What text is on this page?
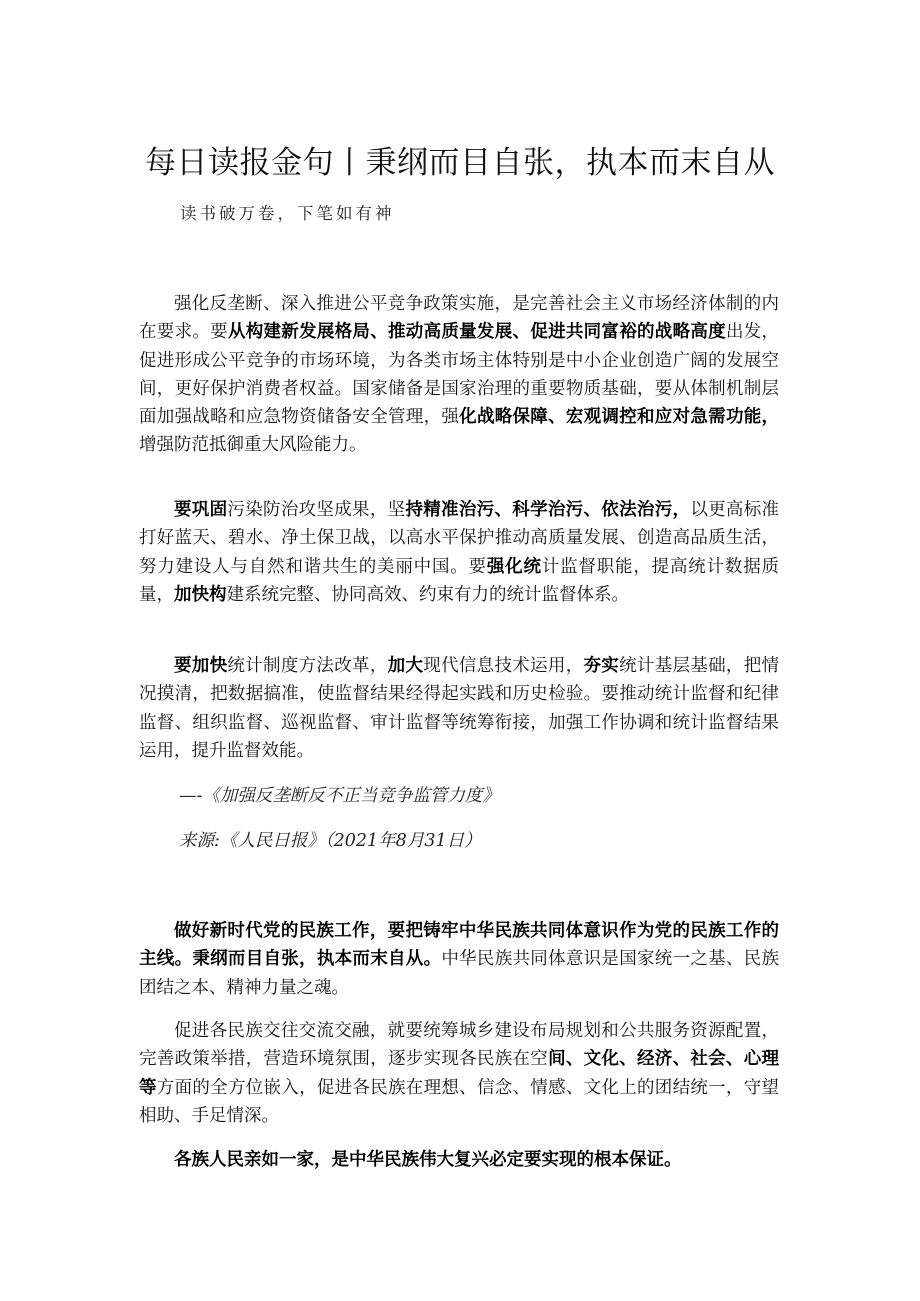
每日读报金句丨秉纲而目自张，执本而末自从
读书破万卷，下笔如有神

强化反垄断、深入推进公平竞争政策实施，是完善社会主义市场经济体制的内在要求。要从构建新发展格局、推动高质量发展、促进共同富裕的战略高度出发，促进形成公平竞争的市场环境，为各类市场主体特别是中小企业创造广阔的发展空间，更好保护消费者权益。国家储备是国家治理的重要物质基础，要从体制机制层面加强战略和应急物资储备安全管理，强化战略保障、宏观调控和应对急需功能，增强防范抵御重大风险能力。

要巩固污染防治攻坚成果，坚持精准治污、科学治污、依法治污，以更高标准打好蓝天、碧水、净土保卫战，以高水平保护推动高质量发展、创造高品质生活，努力建设人与自然和谐共生的美丽中国。要强化统计监督职能，提高统计数据质量，加快构建系统完整、协同高效、约束有力的统计监督体系。

要加快统计制度方法改革，加大现代信息技术运用，夯实统计基层基础，把情况摸清，把数据搞准，使监督结果经得起实践和历史检验。要推动统计监督和纪律监督、组织监督、巡视监督、审计监督等统筹衔接，加强工作协调和统计监督结果运用，提升监督效能。

—-《加强反垄断反不正当竞争监管力度》

来源:《人民日报》（2021年8月31日）

做好新时代党的民族工作，要把铸牢中华民族共同体意识作为党的民族工作的主线。秉纲而目自张，执本而末自从。中华民族共同体意识是国家统一之基、民族团结之本、精神力量之魂。

促进各民族交往交流交融，就要统筹城乡建设布局规划和公共服务资源配置，完善政策举措，营造环境氛围，逐步实现各民族在空间、文化、经济、社会、心理等方面的全方位嵌入，促进各民族在理想、信念、情感、文化上的团结统一，守望相助、手足情深。

各族人民亲如一家，是中华民族伟大复兴必定要实现的根本保证。
